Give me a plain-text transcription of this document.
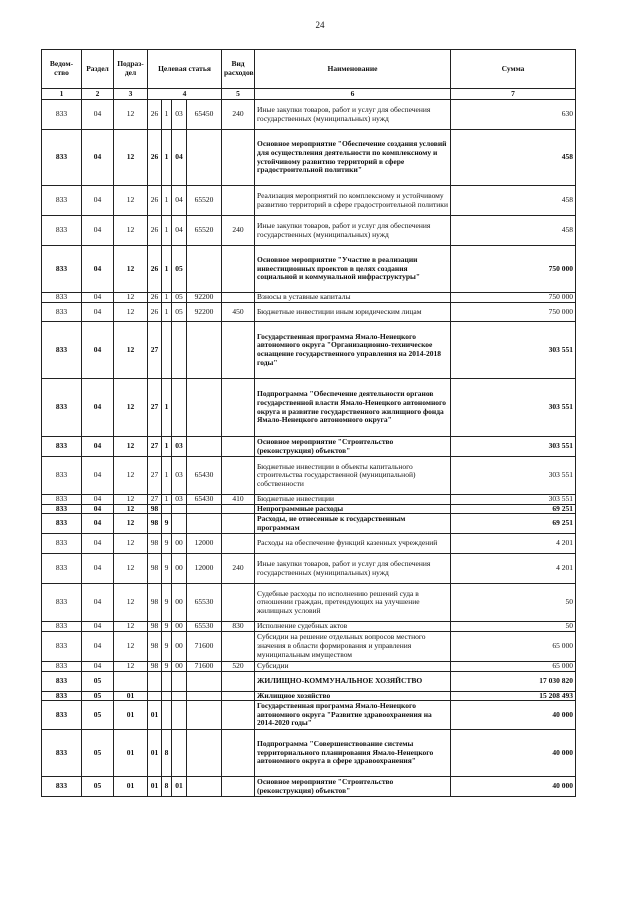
24
Ведом-ство	Раздел	Подраз-дел	Целевая статья				Вид расходов	Наименование	Сумма
1	2	3	4				5	6	7
833	04	12	26	1	03	65450	240	Иные закупки товаров, работ и услуг для обеспечения государственных (муниципальных) нужд	630
833	04	12	26	1	04			Основное мероприятие "Обеспечение создания условий для осуществления деятельности по комплексному и устойчивому развитию территорий в сфере градостроительной политики"	458
833	04	12	26	1	04	65520		Реализация мероприятий по комплексному и устойчивому развитию территорий в сфере градостроительной политики	458
833	04	12	26	1	04	65520	240	Иные закупки товаров, работ и услуг для обеспечения государственных (муниципальных) нужд	458
833	04	12	26	1	05			Основное мероприятие "Участие в реализации инвестиционных проектов в целях создания социальной и коммунальной инфраструктуры"	750 000
833	04	12	26	1	05	92200		Взносы в уставные капиталы	750 000
833	04	12	26	1	05	92200	450	Бюджетные инвестиции иным юридическим лицам	750 000
833	04	12	27					Государственная программа Ямало-Ненецкого автономного округа "Организационно-техническое оснащение государственного управления на 2014-2018 годы"	303 551
833	04	12	27	1				Подпрограмма "Обеспечение деятельности органов государственной власти Ямало-Ненецкого автономного округа и развитие государственного жилищного фонда Ямало-Ненецкого автономного округа"	303 551
833	04	12	27	1	03			Основное мероприятие "Строительство (реконструкция) объектов"	303 551
833	04	12	27	1	03	65430		Бюджетные инвестиции в объекты капитального строительства государственной (муниципальной) собственности	303 551
833	04	12	27	1	03	65430	410	Бюджетные инвестиции	303 551
833	04	12	98					Непрограммные расходы	69 251
833	04	12	98	9				Расходы, не отнесенные к государственным программам	69 251
833	04	12	98	9	00	12000		Расходы на обеспечение функций казенных учреждений	4 201
833	04	12	98	9	00	12000	240	Иные закупки товаров, работ и услуг для обеспечения государственных (муниципальных) нужд	4 201
833	04	12	98	9	00	65530		Судебные расходы по исполнению решений суда в отношении граждан, претендующих на улучшение жилищных условий	50
833	04	12	98	9	00	65530	830	Исполнение судебных актов	50
833	04	12	98	9	00	71600		Субсидии на решение отдельных вопросов местного значения в области формирования и управления муниципальным имуществом	65 000
833	04	12	98	9	00	71600	520	Субсидии	65 000
833	05							ЖИЛИЩНО-КОММУНАЛЬНОЕ ХОЗЯЙСТВО	17 030 820
833	05	01						Жилищное хозяйство	15 208 493
833	05	01	01					Государственная программа Ямало-Ненецкого автономного округа "Развитие здравоохранения на 2014-2020 годы"	40 000
833	05	01	01	8				Подпрограмма "Совершенствование системы территориального планирования Ямало-Ненецкого автономного округа в сфере здравоохранения"	40 000
833	05	01	01	8	01			Основное мероприятие "Строительство (реконструкция) объектов"	40 000
